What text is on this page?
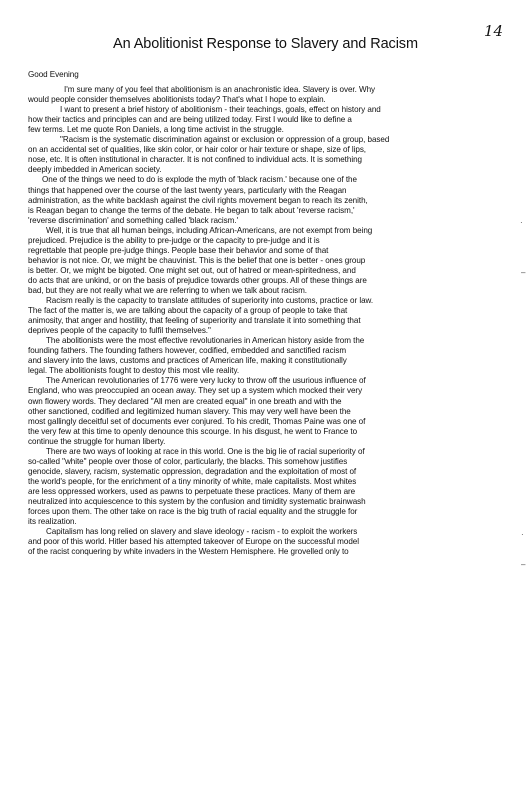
14
An Abolitionist Response to Slavery and Racism
Good Evening
I'm sure many of you feel that abolitionism is an anachronistic idea. Slavery is over. Why
would people consider themselves abolitionists today? That's what I hope to explain.
I want to present a brief history of abolitionism - their teachings, goals, effect on history and
how their tactics and principles can and are being utilized today. First I would like to define a
few terms. Let me quote Ron Daniels, a long time activist in the struggle.
"Racism is the systematic discrimination against or exclusion or oppression of a group, based
on an accidental set of qualities, like skin color, or hair color or hair texture or shape, size of lips,
nose, etc. It is often institutional in character. It is not confined to individual acts. It is something
deeply imbedded in American society.
One of the things we need to do is explode the myth of 'black racism.' because one of the
things that happened over the course of the last twenty years, particularly with the Reagan
administration, as the white backlash against the civil rights movement began to reach its zenith,
is Reagan began to change the terms of the debate. He began to talk about 'reverse racism,'
'reverse discrimination' and something called 'black racism.'
Well, it is true that all human beings, including African-Americans, are not exempt from being
prejudiced. Prejudice is the ability to pre-judge or the capacity to pre-judge and it is
regrettable that people pre-judge things. People base their behavior and some of that
behavior is not nice. Or, we might be chauvinist. This is the belief that one is better - ones group
is better. Or, we might be bigoted. One might set out, out of hatred or mean-spiritedness, and
do acts that are unkind, or on the basis of prejudice towards other groups. All of these things are
bad, but they are not really what we are referring to when we talk about racism.
Racism really is the capacity to translate attitudes of superiority into customs, practice or law.
The fact of the matter is, we are talking about the capacity of a group of people to take that
animosity, that anger and hostility, that feeling of superiority and translate it into something that
deprives people of the capacity to fulfil themselves."
The abolitionists were the most effective revolutionaries in American history aside from the
founding fathers. The founding fathers however, codified, embedded and sanctified racism
and slavery into the laws, customs and practices of American life, making it constitutionally
legal. The abolitionists fought to destoy this most vile reality.
The American revolutionaries of 1776 were very lucky to throw off the usurious influence of
England, who was preoccupied an ocean away. They set up a system which mocked their very
own flowery words. They declared "All men are created equal" in one breath and with the
other sanctioned, codified and legitimized human slavery. This may very well have been the
most gallingly deceitful set of documents ever conjured. To his credit, Thomas Paine was one of
the very few at this time to openly denounce this scourge. In his disgust, he went to France to
continue the struggle for human liberty.
There are two ways of looking at race in this world. One is the big lie of racial superiority of
so-called "white" people over those of color, particularly, the blacks. This somehow justifies
genocide, slavery, racism, systematic oppression, degradation and the exploitation of most of
the world's people, for the enrichment of a tiny minority of white, male capitalists. Most whites
are less oppressed workers, used as pawns to perpetuate these practices. Many of them are
neutralized into acquiescence to this system by the confusion and timidity systematic brainwash
forces upon them. The other take on race is the big truth of racial equality and the struggle for
its realization.
Capitalism has long relied on slavery and slave ideology - racism - to exploit the workers
and poor of this world. Hitler based his attempted takeover of Europe on the successful model
of the racist conquering by white invaders in the Western Hemisphere. He grovelled only to
·
–
·
–
